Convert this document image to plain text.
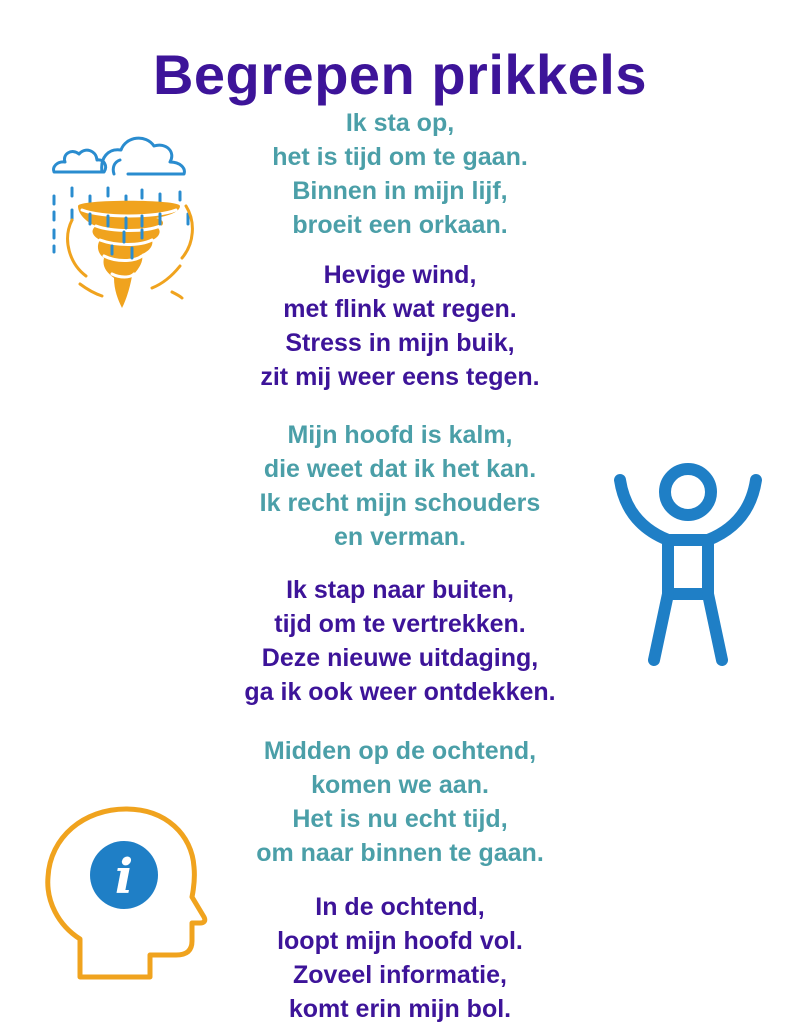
Begrepen prikkels

Ik sta op,
het is tijd om te gaan.
Binnen in mijn lijf,
broeit een orkaan.

Hevige wind,
met flink wat regen.
Stress in mijn buik,
zit mij weer eens tegen.

Mijn hoofd is kalm,
die weet dat ik het kan.
Ik recht mijn schouders
en verman.

Ik stap naar buiten,
tijd om te vertrekken.
Deze nieuwe uitdaging,
ga ik ook weer ontdekken.

Midden op de ochtend,
komen we aan.
Het is nu echt tijd,
om naar binnen te gaan.

In de ochtend,
loopt mijn hoofd vol.
Zoveel informatie,
komt erin mijn bol.

i
